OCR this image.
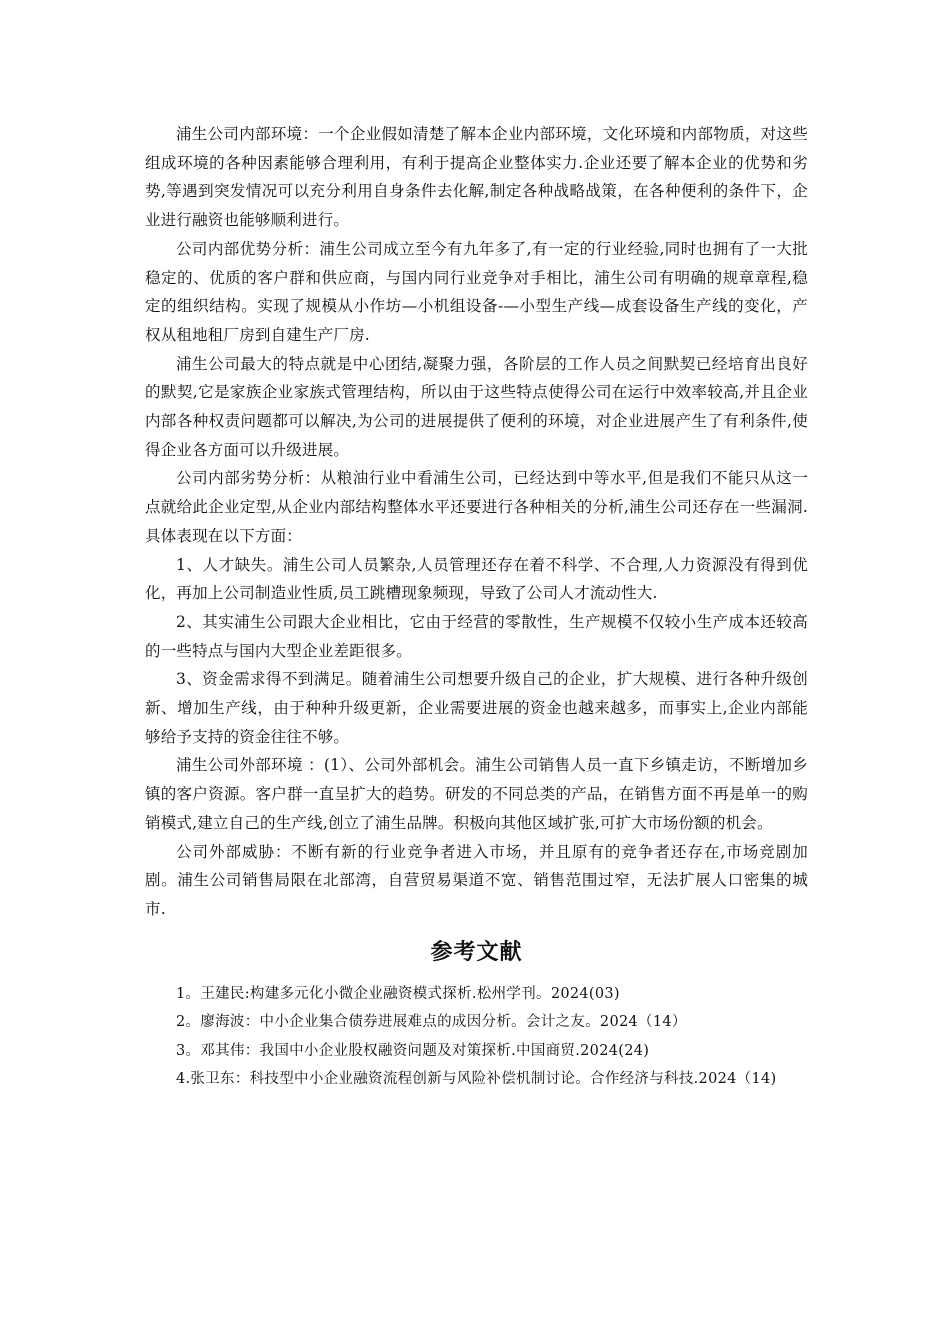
浦生公司内部环境：一个企业假如清楚了解本企业内部环境，文化环境和内部物质，对这些组成环境的各种因素能够合理利用，有利于提高企业整体实力.企业还要了解本企业的优势和劣势,等遇到突发情况可以充分利用自身条件去化解,制定各种战略战策，在各种便利的条件下，企业进行融资也能够顺利进行。

公司内部优势分析：浦生公司成立至今有九年多了,有一定的行业经验,同时也拥有了一大批稳定的、优质的客户群和供应商，与国内同行业竞争对手相比，浦生公司有明确的规章章程,稳定的组织结构。实现了规模从小作坊—小机组设备-—小型生产线—成套设备生产线的变化，产权从租地租厂房到自建生产厂房.

浦生公司最大的特点就是中心团结,凝聚力强，各阶层的工作人员之间默契已经培育出良好的默契,它是家族企业家族式管理结构，所以由于这些特点使得公司在运行中效率较高,并且企业内部各种权责问题都可以解决,为公司的进展提供了便利的环境，对企业进展产生了有利条件,使得企业各方面可以升级进展。

公司内部劣势分析：从粮油行业中看浦生公司，已经达到中等水平,但是我们不能只从这一点就给此企业定型,从企业内部结构整体水平还要进行各种相关的分析,浦生公司还存在一些漏洞.具体表现在以下方面：

1、人才缺失。浦生公司人员繁杂,人员管理还存在着不科学、不合理,人力资源没有得到优化，再加上公司制造业性质,员工跳槽现象频现，导致了公司人才流动性大.

2、其实浦生公司跟大企业相比，它由于经营的零散性，生产规模不仅较小生产成本还较高的一些特点与国内大型企业差距很多。

3、资金需求得不到满足。随着浦生公司想要升级自己的企业，扩大规模、进行各种升级创新、增加生产线，由于种种升级更新，企业需要进展的资金也越来越多，而事实上,企业内部能够给予支持的资金往往不够。

浦生公司外部环境 ：(1）、公司外部机会。浦生公司销售人员一直下乡镇走访，不断增加乡镇的客户资源。客户群一直呈扩大的趋势。研发的不同总类的产品，在销售方面不再是单一的购销模式,建立自己的生产线,创立了浦生品牌。积极向其他区域扩张,可扩大市场份额的机会。

公司外部威胁：不断有新的行业竞争者进入市场，并且原有的竞争者还存在,市场竞剧加剧。浦生公司销售局限在北部湾，自营贸易渠道不宽、销售范围过窄，无法扩展人口密集的城市.

参考文献

1。王建民:构建多元化小微企业融资模式探析.松州学刊。2024(03)

2。廖海波：中小企业集合债券进展难点的成因分析。会计之友。2024（14）

3。邓其伟：我国中小企业股权融资问题及对策探析.中国商贸.2024(24)

4.张卫东：科技型中小企业融资流程创新与风险补偿机制讨论。合作经济与科技.2024（14)
